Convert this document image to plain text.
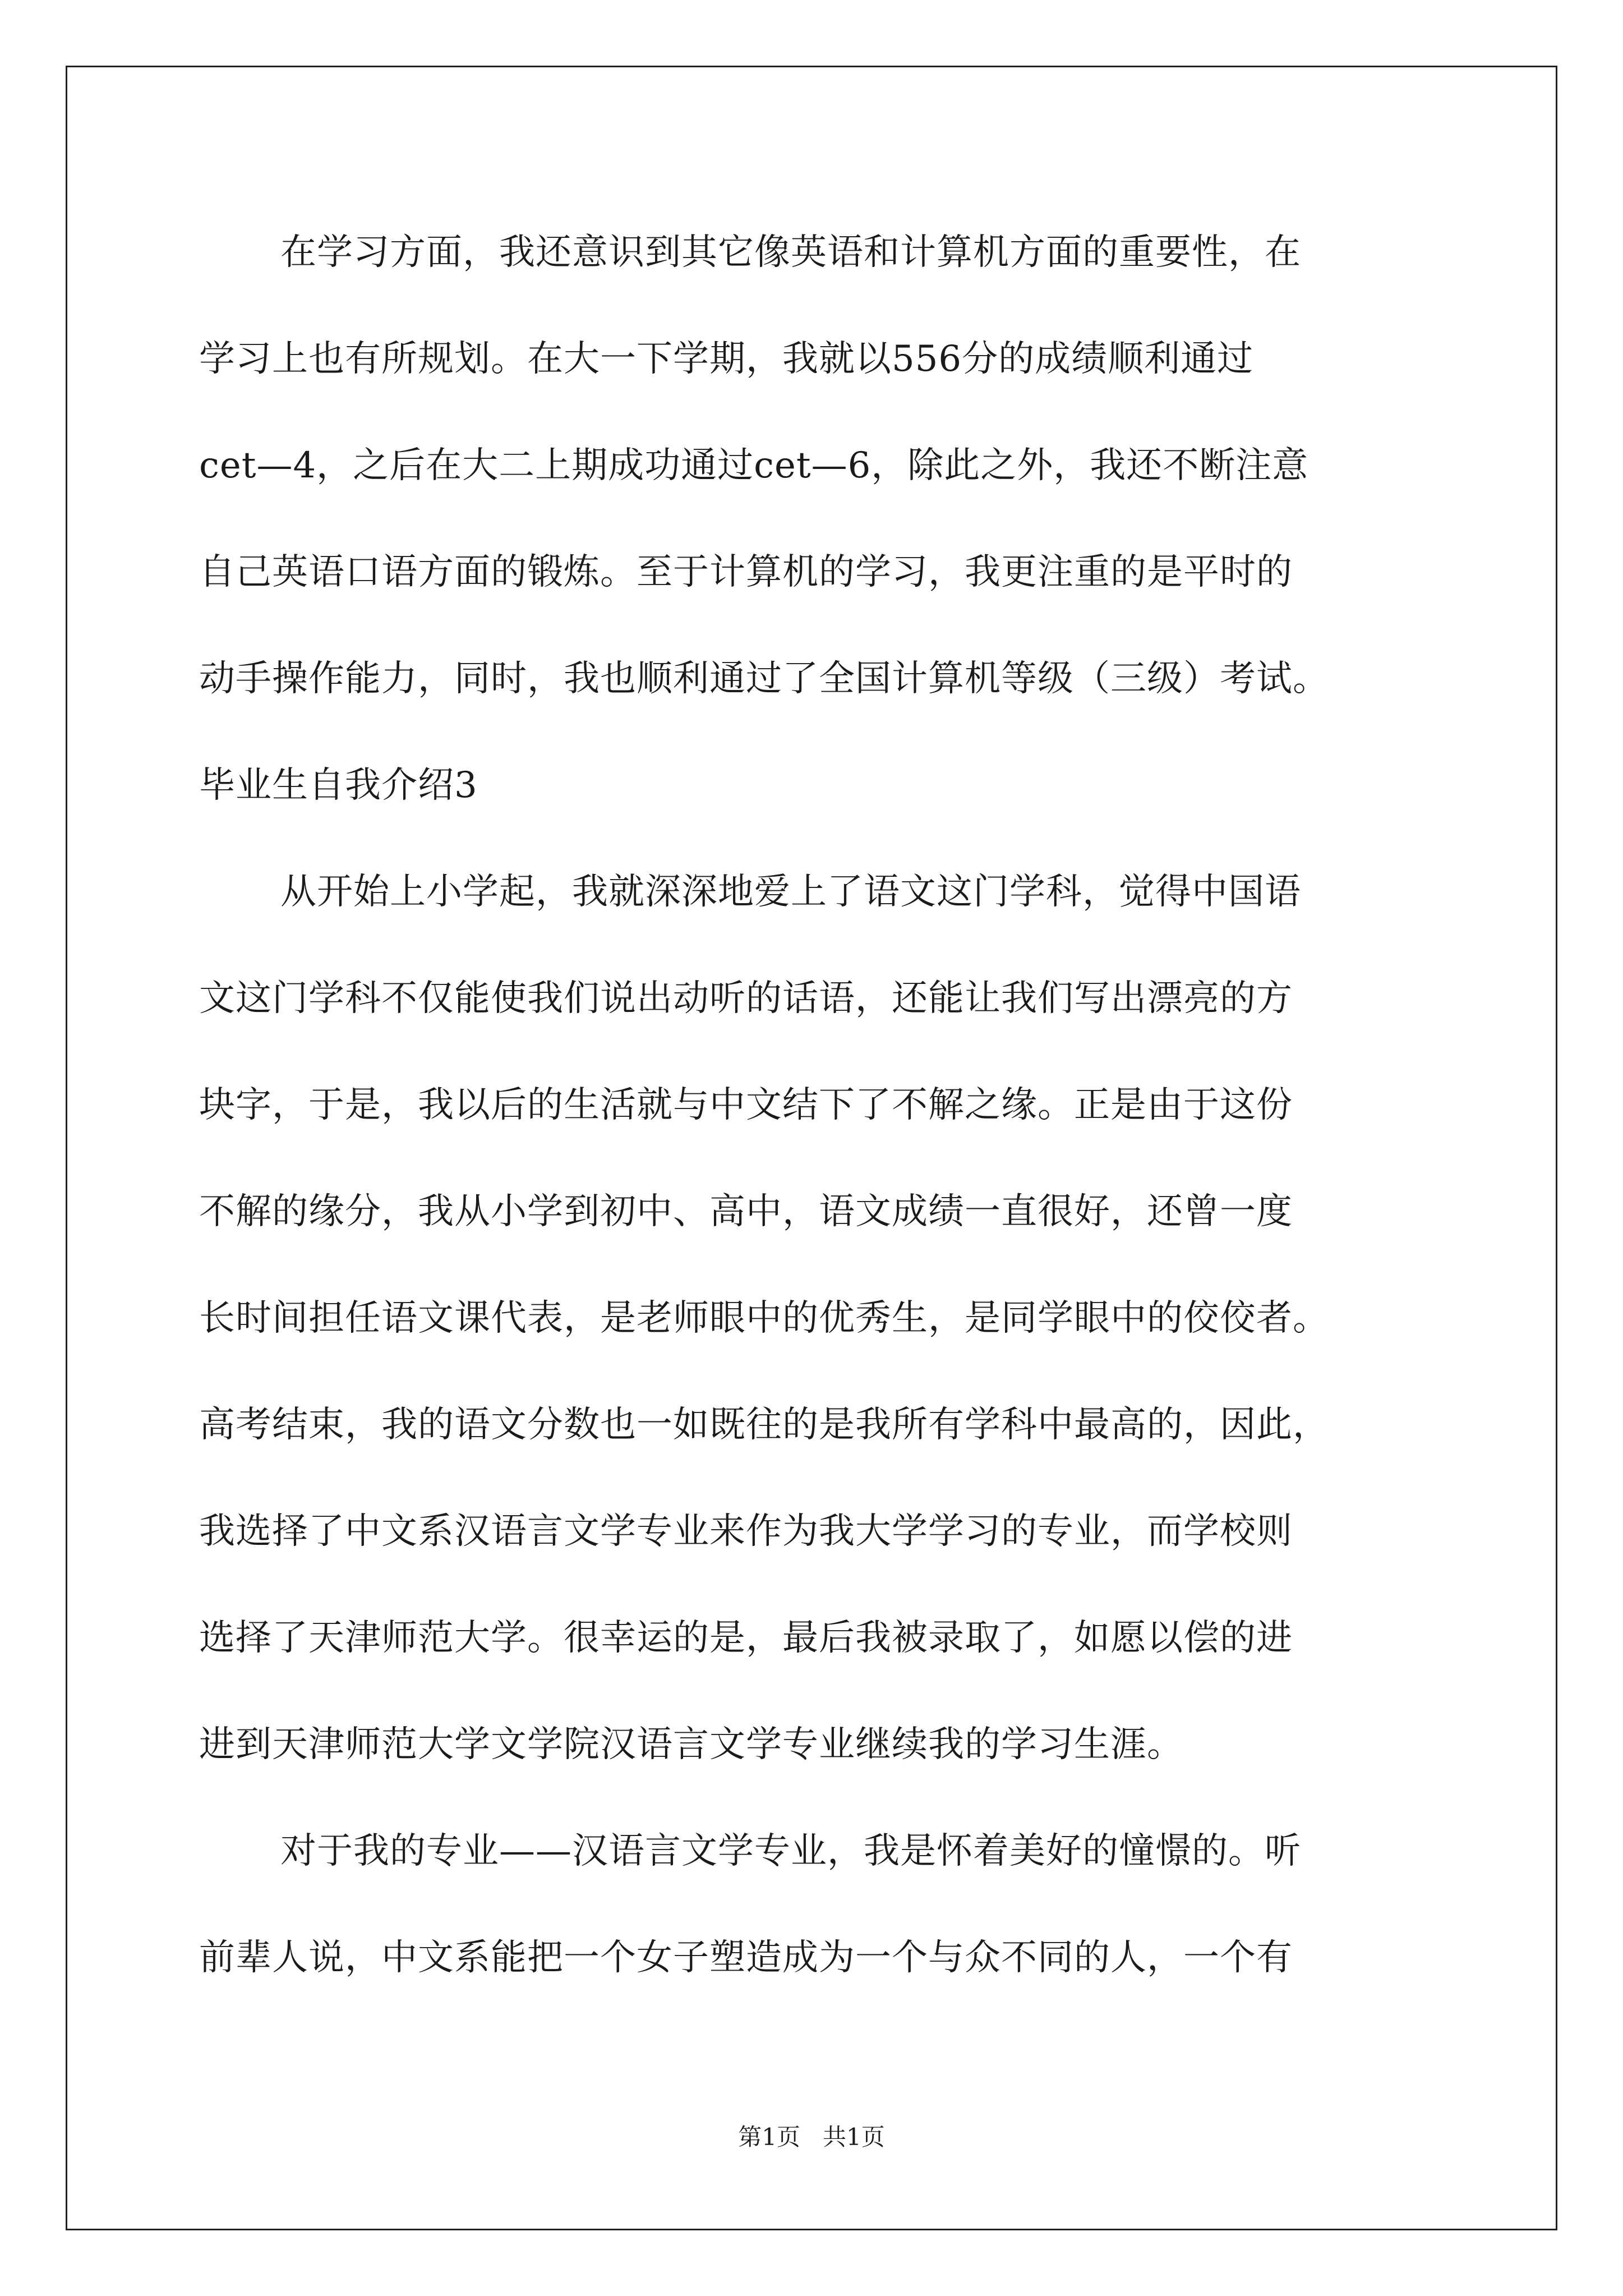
在学习方面，我还意识到其它像英语和计算机方面的重要性，在
学习上也有所规划。在大一下学期，我就以556分的成绩顺利通过
cet—4，之后在大二上期成功通过cet—6，除此之外，我还不断注意
自己英语口语方面的锻炼。至于计算机的学习，我更注重的是平时的
动手操作能力，同时，我也顺利通过了全国计算机等级（三级）考试。
毕业生自我介绍3
从开始上小学起，我就深深地爱上了语文这门学科，觉得中国语
文这门学科不仅能使我们说出动听的话语，还能让我们写出漂亮的方
块字，于是，我以后的生活就与中文结下了不解之缘。正是由于这份
不解的缘分，我从小学到初中、高中，语文成绩一直很好，还曾一度
长时间担任语文课代表，是老师眼中的优秀生，是同学眼中的佼佼者。
高考结束，我的语文分数也一如既往的是我所有学科中最高的，因此，
我选择了中文系汉语言文学专业来作为我大学学习的专业，而学校则
选择了天津师范大学。很幸运的是，最后我被录取了，如愿以偿的进
进到天津师范大学文学院汉语言文学专业继续我的学习生涯。
对于我的专业——汉语言文学专业，我是怀着美好的憧憬的。听
前辈人说，中文系能把一个女子塑造成为一个与众不同的人，一个有
第1页 共1页
